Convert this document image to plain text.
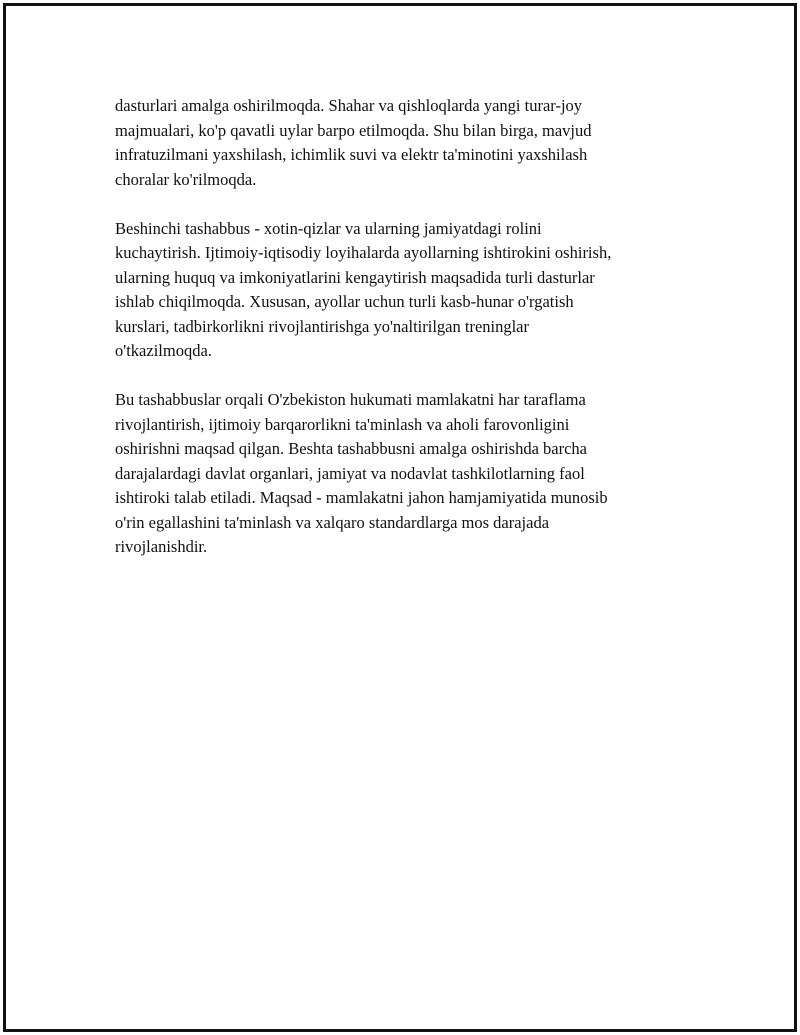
dasturlari amalga oshirilmoqda. Shahar va qishloqlarda yangi turar-joy
majmualari, ko'p qavatli uylar barpo etilmoqda. Shu bilan birga, mavjud
infratuzilmani yaxshilash, ichimlik suvi va elektr ta'minotini yaxshilash
choralar ko'rilmoqda.

Beshinchi tashabbus - xotin-qizlar va ularning jamiyatdagi rolini
kuchaytirish. Ijtimoiy-iqtisodiy loyihalarda ayollarning ishtirokini oshirish,
ularning huquq va imkoniyatlarini kengaytirish maqsadida turli dasturlar
ishlab chiqilmoqda. Xususan, ayollar uchun turli kasb-hunar o'rgatish
kurslari, tadbirkorlikni rivojlantirishga yo'naltirilgan treninglar
o'tkazilmoqda.

Bu tashabbuslar orqali O'zbekiston hukumati mamlakatni har taraflama
rivojlantirish, ijtimoiy barqarorlikni ta'minlash va aholi farovonligini
oshirishni maqsad qilgan. Beshta tashabbusni amalga oshirishda barcha
darajalardagi davlat organlari, jamiyat va nodavlat tashkilotlarning faol
ishtiroki talab etiladi. Maqsad - mamlakatni jahon hamjamiyatida munosib
o'rin egallashini ta'minlash va xalqaro standardlarga mos darajada
rivojlanishdir.
